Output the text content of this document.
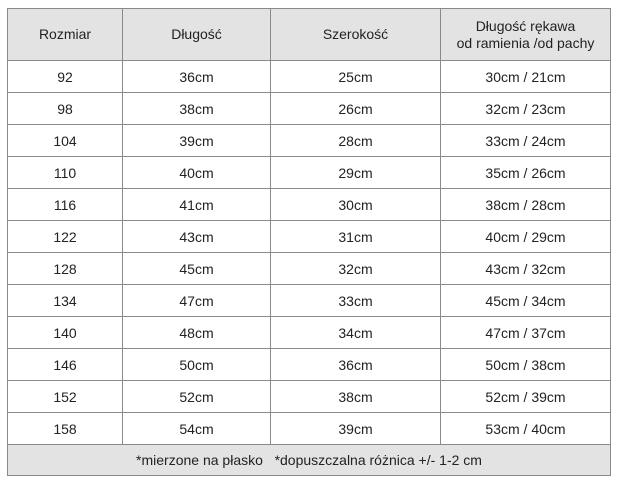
Rozmiar	Długość	Szerokość	Długość rękawa
od ramienia /od pachy

92	36cm	25cm	30cm / 21cm
98	38cm	26cm	32cm / 23cm
104	39cm	28cm	33cm / 24cm
110	40cm	29cm	35cm / 26cm
116	41cm	30cm	38cm / 28cm
122	43cm	31cm	40cm / 29cm
128	45cm	32cm	43cm / 32cm
134	47cm	33cm	45cm / 34cm
140	48cm	34cm	47cm / 37cm
146	50cm	36cm	50cm / 38cm
152	52cm	38cm	52cm / 39cm
158	54cm	39cm	53cm / 40cm
*mierzone na płasko   *dopuszczalna różnica +/- 1-2 cm			
